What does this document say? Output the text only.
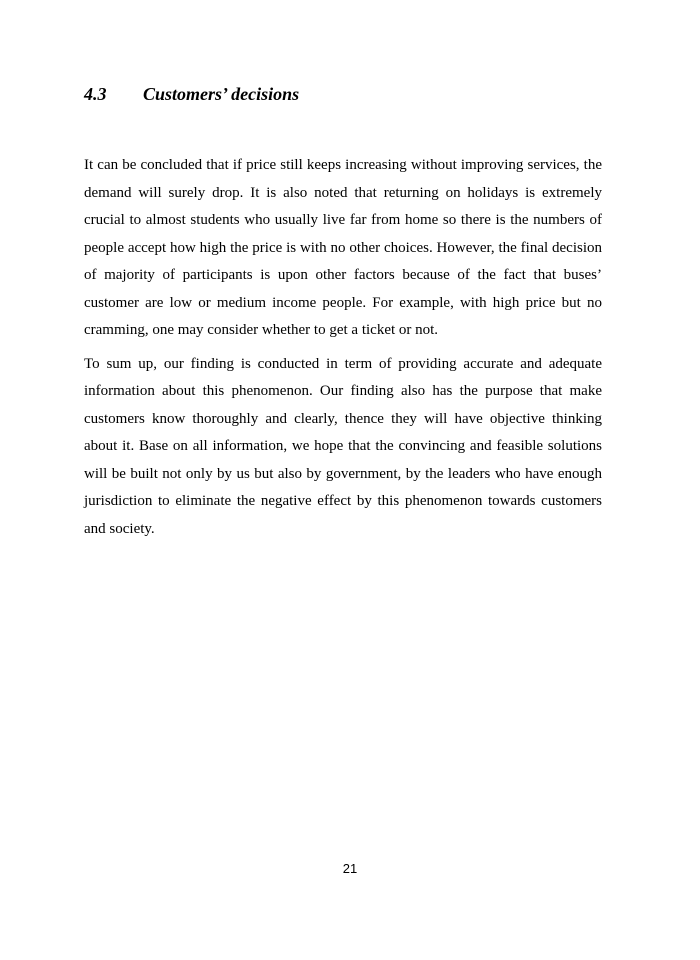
4.3 Customers’ decisions

It can be concluded that if price still keeps increasing without improving services, the demand will surely drop. It is also noted that returning on holidays is extremely crucial to almost students who usually live far from home so there is the numbers of people accept how high the price is with no other choices. However, the final decision of majority of participants is upon other factors because of the fact that buses’ customer are low or medium income people. For example, with high price but no cramming, one may consider whether to get a ticket or not.

To sum up, our finding is conducted in term of providing accurate and adequate information about this phenomenon. Our finding also has the purpose that make customers know thoroughly and clearly, thence they will have objective thinking about it. Base on all information, we hope that the convincing and feasible solutions will be built not only by us but also by government, by the leaders who have enough jurisdiction to eliminate the negative effect by this phenomenon towards customers and society.

21
